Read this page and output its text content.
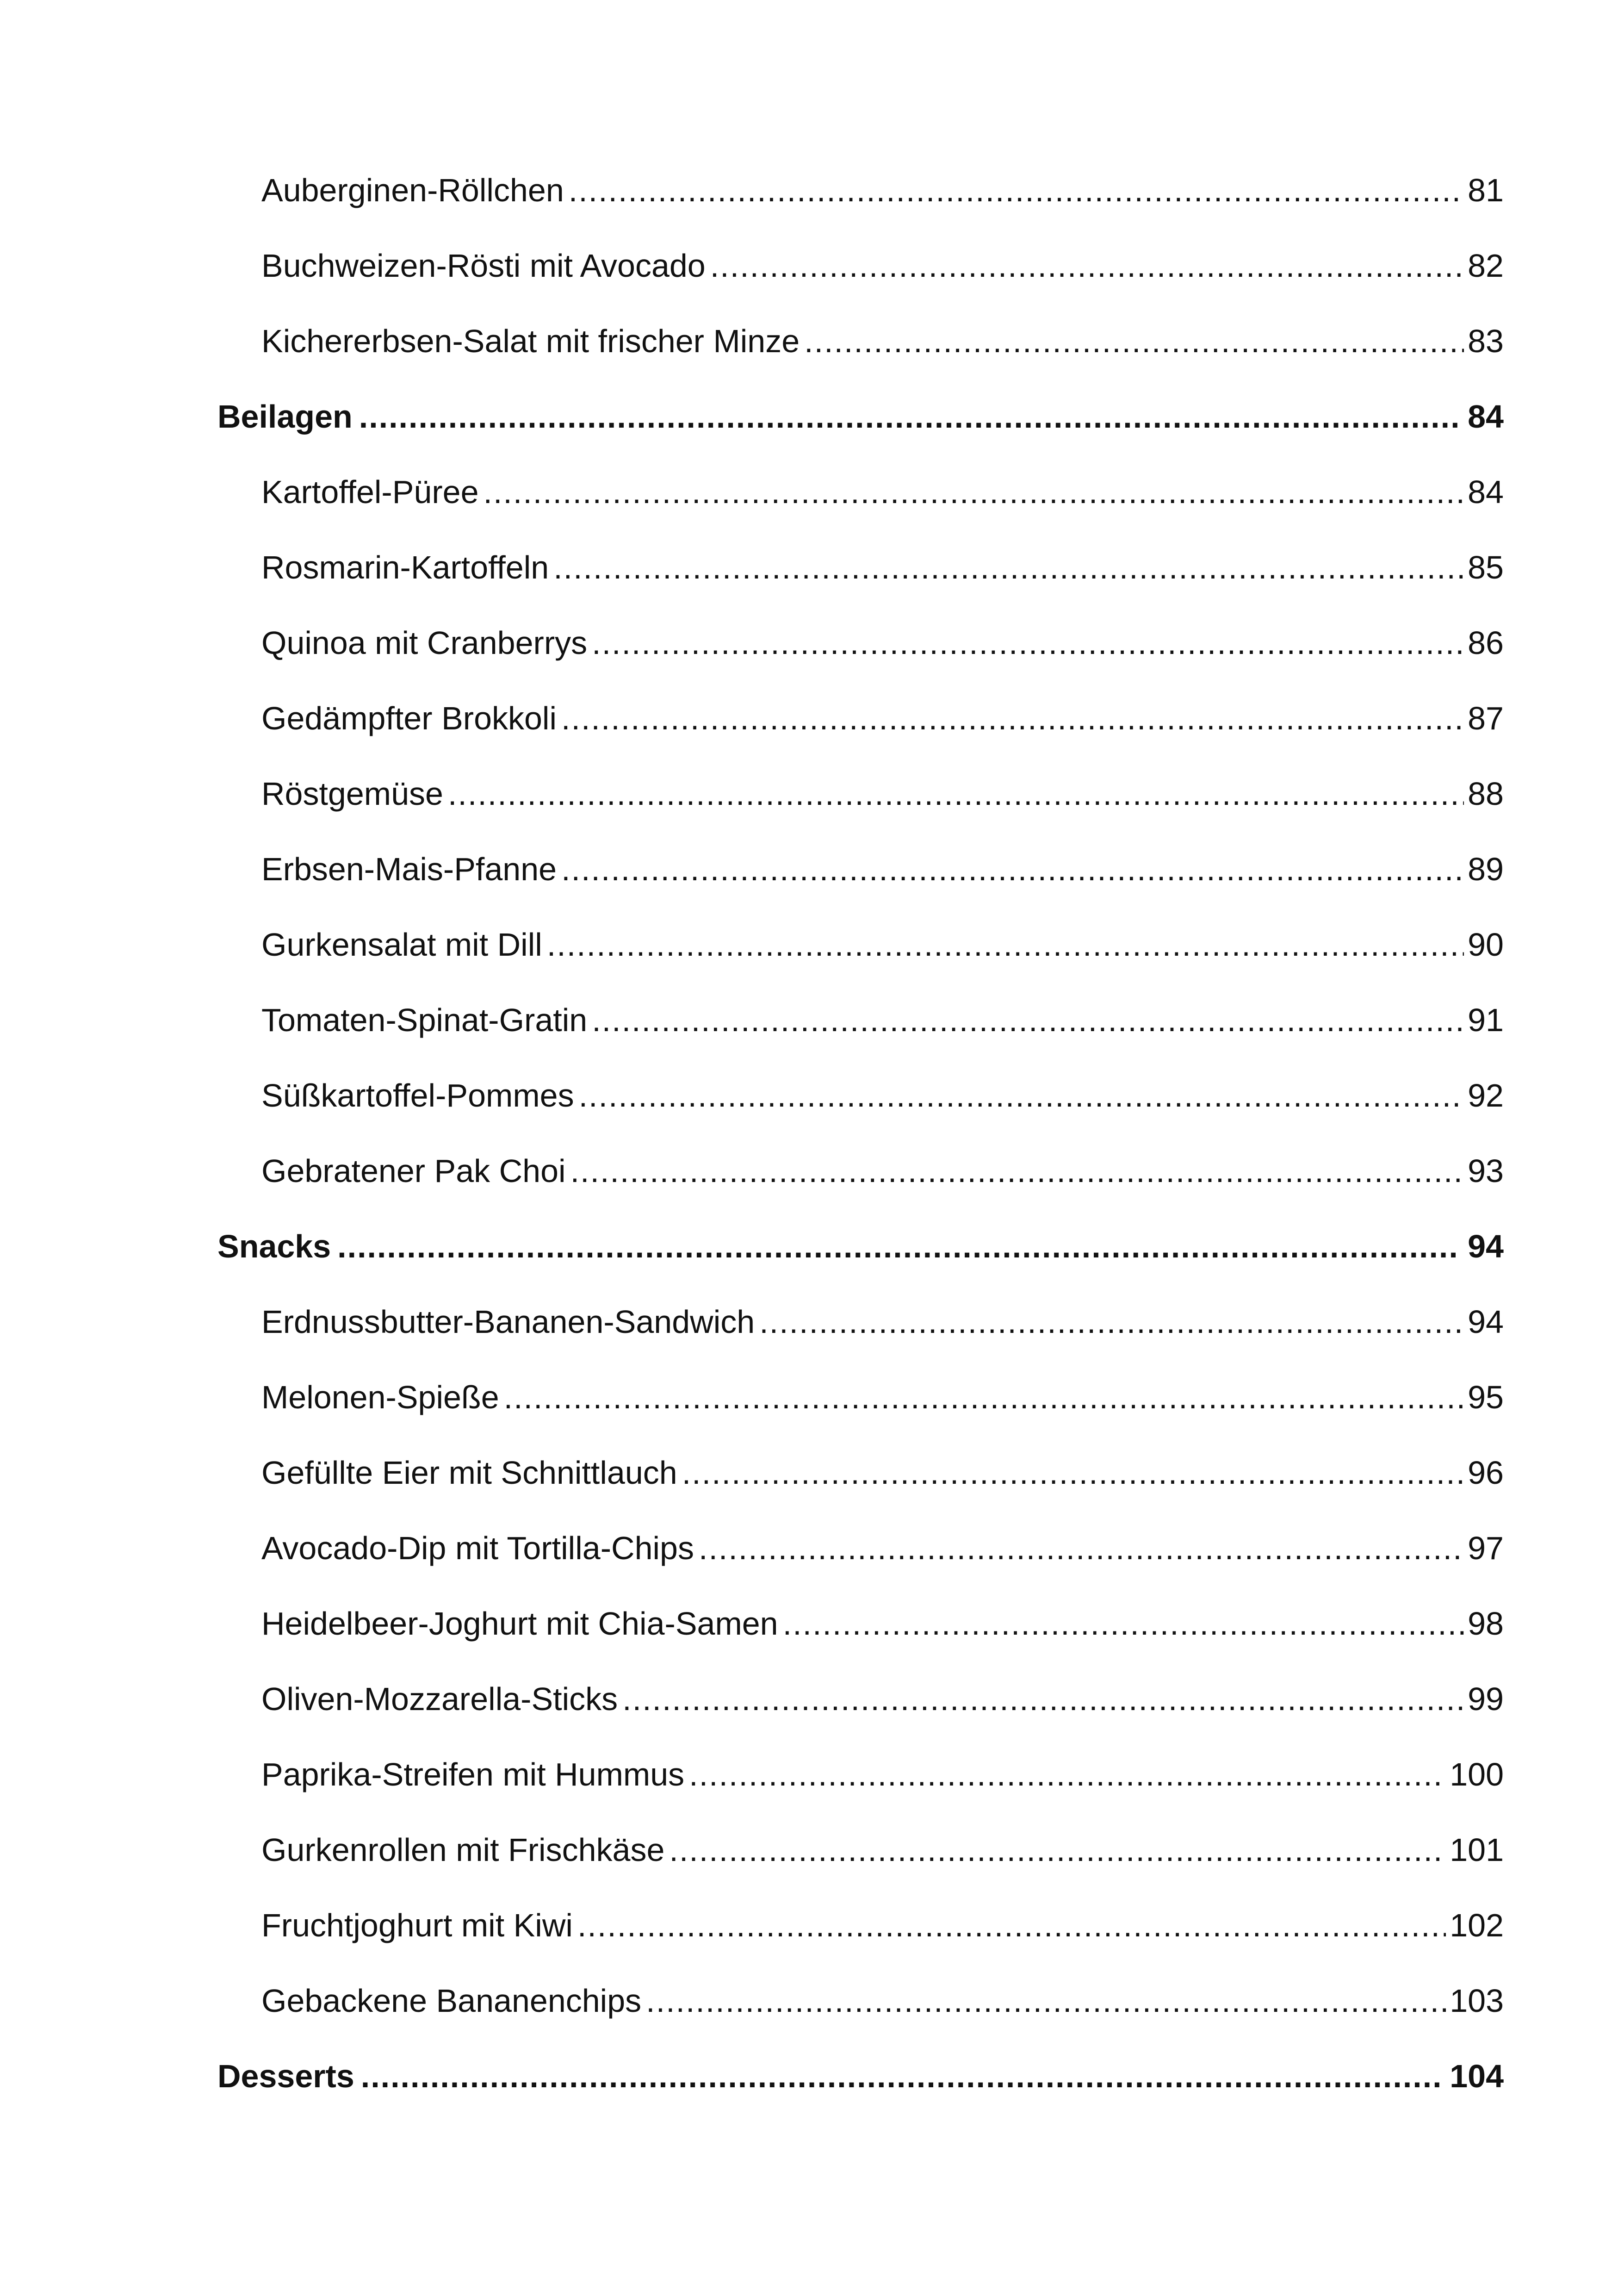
Auberginen-Röllchen .....	81
Buchweizen-Rösti mit Avocado .....	82
Kichererbsen-Salat mit frischer Minze .....	83
Beilagen .....	84
Kartoffel-Püree .....	84
Rosmarin-Kartoffeln .....	85
Quinoa mit Cranberrys .....	86
Gedämpfter Brokkoli .....	87
Röstgemüse .....	88
Erbsen-Mais-Pfanne .....	89
Gurkensalat mit Dill .....	90
Tomaten-Spinat-Gratin .....	91
Süßkartoffel-Pommes .....	92
Gebratener Pak Choi .....	93
Snacks .....	94
Erdnussbutter-Bananen-Sandwich .....	94
Melonen-Spieße .....	95
Gefüllte Eier mit Schnittlauch .....	96
Avocado-Dip mit Tortilla-Chips .....	97
Heidelbeer-Joghurt mit Chia-Samen .....	98
Oliven-Mozzarella-Sticks .....	99
Paprika-Streifen mit Hummus .....	100
Gurkenrollen mit Frischkäse .....	101
Fruchtjoghurt mit Kiwi .....	102
Gebackene Bananenchips .....	103
Desserts .....	104
